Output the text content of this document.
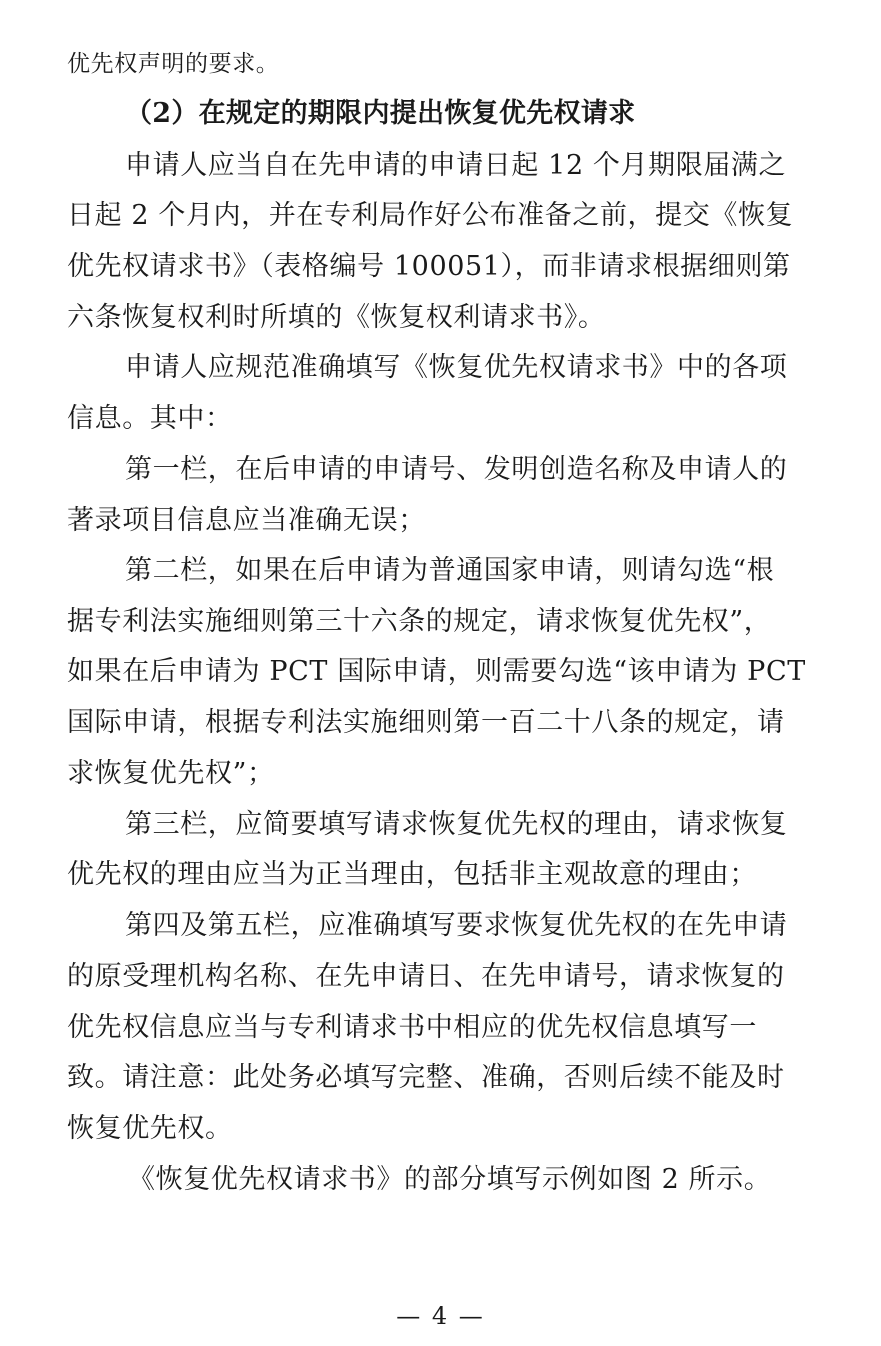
优先权声明的要求。
（2）在规定的期限内提出恢复优先权请求
申请人应当自在先申请的申请日起 12 个月期限届满之
日起 2 个月内，并在专利局作好公布准备之前，提交《恢复
优先权请求书》（表格编号 100051），而非请求根据细则第
六条恢复权利时所填的《恢复权利请求书》。
申请人应规范准确填写《恢复优先权请求书》中的各项
信息。其中：
第一栏，在后申请的申请号、发明创造名称及申请人的
著录项目信息应当准确无误；
第二栏，如果在后申请为普通国家申请，则请勾选“根
据专利法实施细则第三十六条的规定，请求恢复优先权”，
如果在后申请为 PCT 国际申请，则需要勾选“该申请为 PCT
国际申请，根据专利法实施细则第一百二十八条的规定，请
求恢复优先权”；
第三栏，应简要填写请求恢复优先权的理由，请求恢复
优先权的理由应当为正当理由，包括非主观故意的理由；
第四及第五栏，应准确填写要求恢复优先权的在先申请
的原受理机构名称、在先申请日、在先申请号，请求恢复的
优先权信息应当与专利请求书中相应的优先权信息填写一
致。请注意：此处务必填写完整、准确，否则后续不能及时
恢复优先权。
《恢复优先权请求书》的部分填写示例如图 2 所示。
— 4 —
